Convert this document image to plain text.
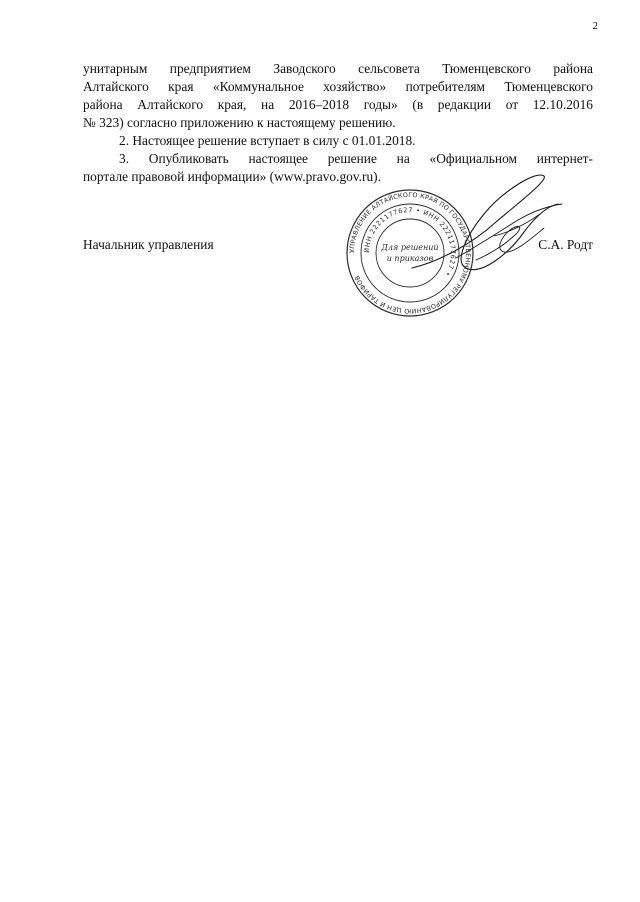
2

унитарным предприятием Заводского сельсовета Тюменцевского района
Алтайского края «Коммунальное хозяйство» потребителям Тюменцевского
района Алтайского края, на 2016–2018 годы» (в редакции от 12.10.2016
№ 323) согласно приложению к настоящему решению.

2. Настоящее решение вступает в силу с 01.01.2018.

3. Опубликовать настоящее решение на «Официальном интернет-
портале правовой информации» (www.pravo.gov.ru).

УПРАВЛЕНИЕ АЛТАЙСКОГО КРАЯ ПО ГОСУДАРСТВЕННОМУ РЕГУЛИРОВАНИЮ ЦЕН И ТАРИФОВ
ИНН 2221177627 • ИНН 2221177627 •
Для решений
и приказов
Начальник управления	С.А. Родт
